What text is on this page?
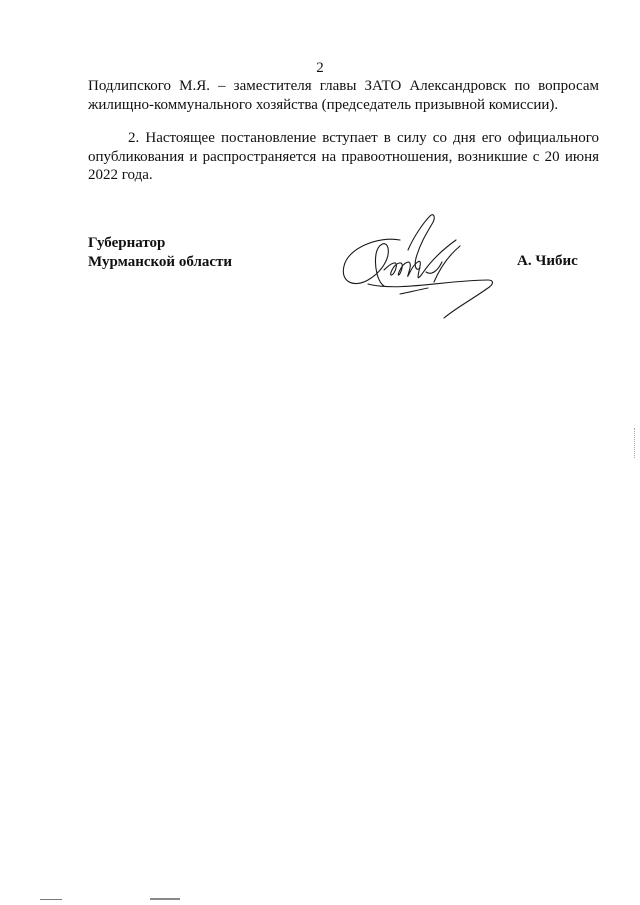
2
Подлипского М.Я. – заместителя главы ЗАТО Александровск по вопросам жилищно-коммунального хозяйства (председатель призывной комиссии).
2. Настоящее постановление вступает в силу со дня его официального опубликования и распространяется на правоотношения, возникшие с 20 июня 2022 года.
Губернатор
Мурманской области	А. Чибис
